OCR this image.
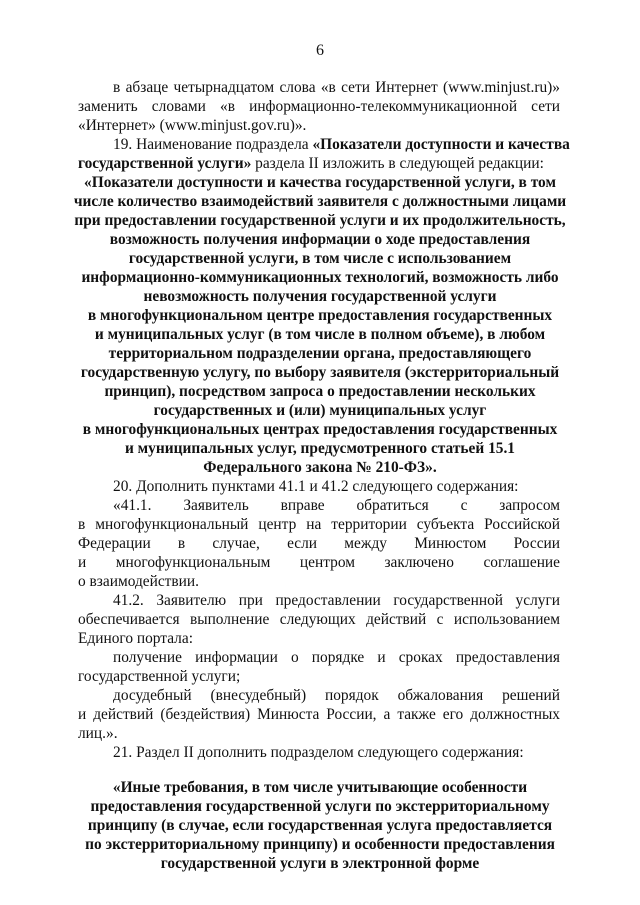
6

в абзаце четырнадцатом слова «в сети Интернет (www.minjust.ru)»

заменить словами «в информационно-телекоммуникационной сети

«Интернет» (www.minjust.gov.ru)».

19. Наименование подраздела «Показатели доступности и качества

государственной услуги» раздела II изложить в следующей редакции:

«Показатели доступности и качества государственной услуги, в том

числе количество взаимодействий заявителя с должностными лицами

при предоставлении государственной услуги и их продолжительность,

возможность получения информации о ходе предоставления

государственной услуги, в том числе с использованием

информационно-коммуникационных технологий, возможность либо

невозможность получения государственной услуги

в многофункциональном центре предоставления государственных

и муниципальных услуг (в том числе в полном объеме), в любом

территориальном подразделении органа, предоставляющего

государственную услугу, по выбору заявителя (экстерриториальный

принцип), посредством запроса о предоставлении нескольких

государственных и (или) муниципальных услуг

в многофункциональных центрах предоставления государственных

и муниципальных услуг, предусмотренного статьей 15.1

Федерального закона № 210-ФЗ».

20. Дополнить пунктами 41.1 и 41.2 следующего содержания:

«41.1. Заявитель вправе обратиться с запросом

в многофункциональный центр на территории субъекта Российской

Федерации в случае, если между Минюстом России

и многофункциональным центром заключено соглашение

о взаимодействии.

41.2. Заявителю при предоставлении государственной услуги

обеспечивается выполнение следующих действий с использованием

Единого портала:

получение информации о порядке и сроках предоставления

государственной услуги;

досудебный (внесудебный) порядок обжалования решений

и действий (бездействия) Минюста России, а также его должностных

лиц.».

21. Раздел II дополнить подразделом следующего содержания:

«Иные требования, в том числе учитывающие особенности

предоставления государственной услуги по экстерриториальному

принципу (в случае, если государственная услуга предоставляется

по экстерриториальному принципу) и особенности предоставления

государственной услуги в электронной форме
